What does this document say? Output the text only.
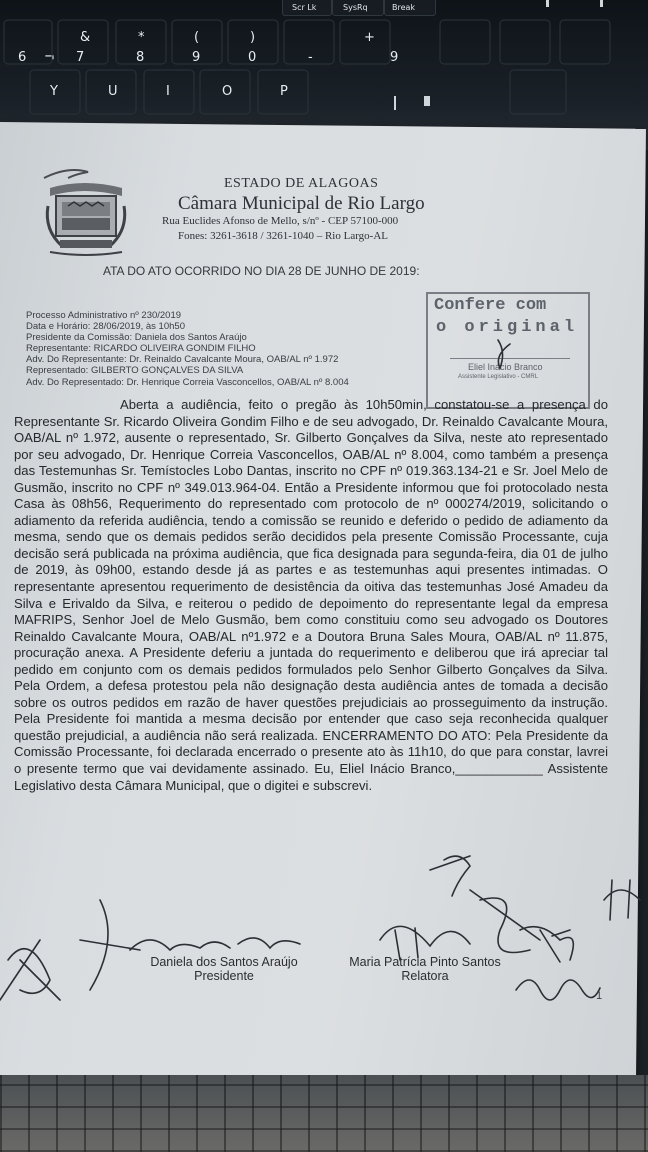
Scr Lk	SysRq	Break
6 ¬ 7
&
8
*
9
(
0
)
-
+
9
Y	U	I	O	P
ESTADO DE ALAGOAS
Câmara Municipal de Rio Largo
Rua Euclides Afonso de Mello, s/nº - CEP 57100-000
Fones: 3261-3618 / 3261-1040 – Rio Largo-AL
ATA DO ATO OCORRIDO NO DIA 28 DE JUNHO DE 2019:
Processo Administrativo nº 230/2019
Data e Horário: 28/06/2019, às 10h50
Presidente da Comissão: Daniela dos Santos Araújo
Representante: RICARDO OLIVEIRA GONDIM FILHO
Adv. Do Representante: Dr. Reinaldo Cavalcante Moura, OAB/AL nº 1.972
Representado: GILBERTO GONÇALVES DA SILVA
Adv. Do Representado: Dr. Henrique Correia Vasconcellos, OAB/AL nº 8.004
Confere com
o original
Eliel Inácio Branco
Assistente Legislativo - CMRL

Aberta a audiência, feito o pregão às 10h50min, constatou-se a presença do Representante Sr. Ricardo Oliveira Gondim Filho e de seu advogado, Dr. Reinaldo Cavalcante Moura, OAB/AL nº 1.972, ausente o representado, Sr. Gilberto Gonçalves da Silva, neste ato representado por seu advogado, Dr. Henrique Correia Vasconcellos, OAB/AL nº 8.004, como também a presença das Testemunhas Sr. Temístocles Lobo Dantas, inscrito no CPF nº 019.363.134-21 e Sr. Joel Melo de Gusmão, inscrito no CPF nº 349.013.964-04. Então a Presidente informou que foi protocolado nesta Casa às 08h56, Requerimento do representado com protocolo de nº 000274/2019, solicitando o adiamento da referida audiência, tendo a comissão se reunido e deferido o pedido de adiamento da mesma, sendo que os demais pedidos serão decididos pela presente Comissão Processante, cuja decisão será publicada na próxima audiência, que fica designada para segunda-feira, dia 01 de julho de 2019, às 09h00, estando desde já as partes e as testemunhas aqui presentes intimadas. O representante apresentou requerimento de desistência da oitiva das testemunhas José Amadeu da Silva e Erivaldo da Silva, e reiterou o pedido de depoimento do representante legal da empresa MAFRIPS, Senhor Joel de Melo Gusmão, bem como constituiu como seu advogado os Doutores Reinaldo Cavalcante Moura, OAB/AL nº1.972 e a Doutora Bruna Sales Moura, OAB/AL nº 11.875, procuração anexa. A Presidente deferiu a juntada do requerimento e deliberou que irá apreciar tal pedido em conjunto com os demais pedidos formulados pelo Senhor Gilberto Gonçalves da Silva. Pela Ordem, a defesa protestou pela não designação desta audiência antes de tomada a decisão sobre os outros pedidos em razão de haver questões prejudiciais ao prosseguimento da instrução. Pela Presidente foi mantida a mesma decisão por entender que caso seja reconhecida qualquer questão prejudicial, a audiência não será realizada. ENCERRAMENTO DO ATO: Pela Presidente da Comissão Processante, foi declarada encerrado o presente ato às 11h10, do que para constar, lavrei o presente termo que vai devidamente assinado. Eu, Eliel Inácio Branco,____________ Assistente Legislativo desta Câmara Municipal, que o digitei e subscrevi.

Daniela dos Santos Araújo
Presidente
Maria Patrícia Pinto Santos
Relatora
1
